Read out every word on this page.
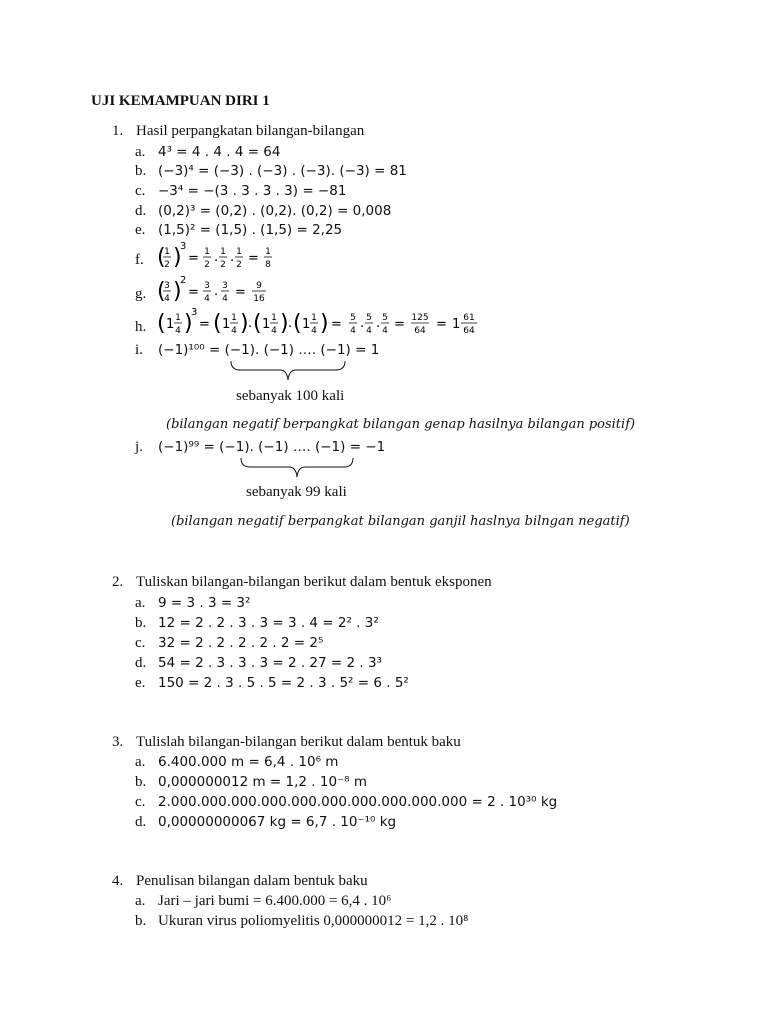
UJI KEMAMPUAN DIRI 1
1. Hasil perpangkatan bilangan-bilangan
a. 4³ = 4 . 4 . 4 = 64
b. (−3)⁴ = (−3) . (−3) . (−3). (−3) = 81
c. −3⁴ = −(3 . 3 . 3 . 3) = −81
d. (0,2)³ = (0,2) . (0,2). (0,2) = 0,008
e. (1,5)² = (1,5) . (1,5) = 2,25
f. (
1
2 )
3
= 1
2 . 1
2 . 1
2 = 1
8
g. (
3
4 )
2
= 3
4 . 3
4 = 9
16
h. ( 1 1
4 )
3
= ( 1 1
4 ) . ( 1 1
4 ) . ( 1 1
4 ) = 5
4 . 5
4 . 5
4 = 125
64 = 1 61
64
i. (−1)¹⁰⁰ = (−1). (−1) …. (−1) = 1
sebanyak 100 kali
(bilangan negatif berpangkat bilangan genap hasilnya bilangan positif)
j. (−1)⁹⁹ = (−1). (−1) …. (−1) = −1
sebanyak 99 kali
(bilangan negatif berpangkat bilangan ganjil haslnya bilngan negatif)
2. Tuliskan bilangan-bilangan berikut dalam bentuk eksponen
a. 9 = 3 . 3 = 3²
b. 12 = 2 . 2 . 3 . 3 = 3 . 4 = 2² . 3²
c. 32 = 2 . 2 . 2 . 2 . 2 = 2⁵
d. 54 = 2 . 3 . 3 . 3 = 2 . 27 = 2 . 3³
e. 150 = 2 . 3 . 5 . 5 = 2 . 3 . 5² = 6 . 5²
3. Tulislah bilangan-bilangan berikut dalam bentuk baku
a. 6.400.000 m = 6,4 . 10⁶ m
b. 0,000000012 m = 1,2 . 10⁻⁸ m
c. 2.000.000.000.000.000.000.000.000.000.000 = 2 . 10³⁰ kg
d. 0,00000000067 kg = 6,7 . 10⁻¹⁰ kg
4. Penulisan bilangan dalam bentuk baku
a. Jari – jari bumi = 6.400.000 = 6,4 . 10⁶
b. Ukuran virus poliomyelitis 0,000000012 = 1,2 . 10⁸
